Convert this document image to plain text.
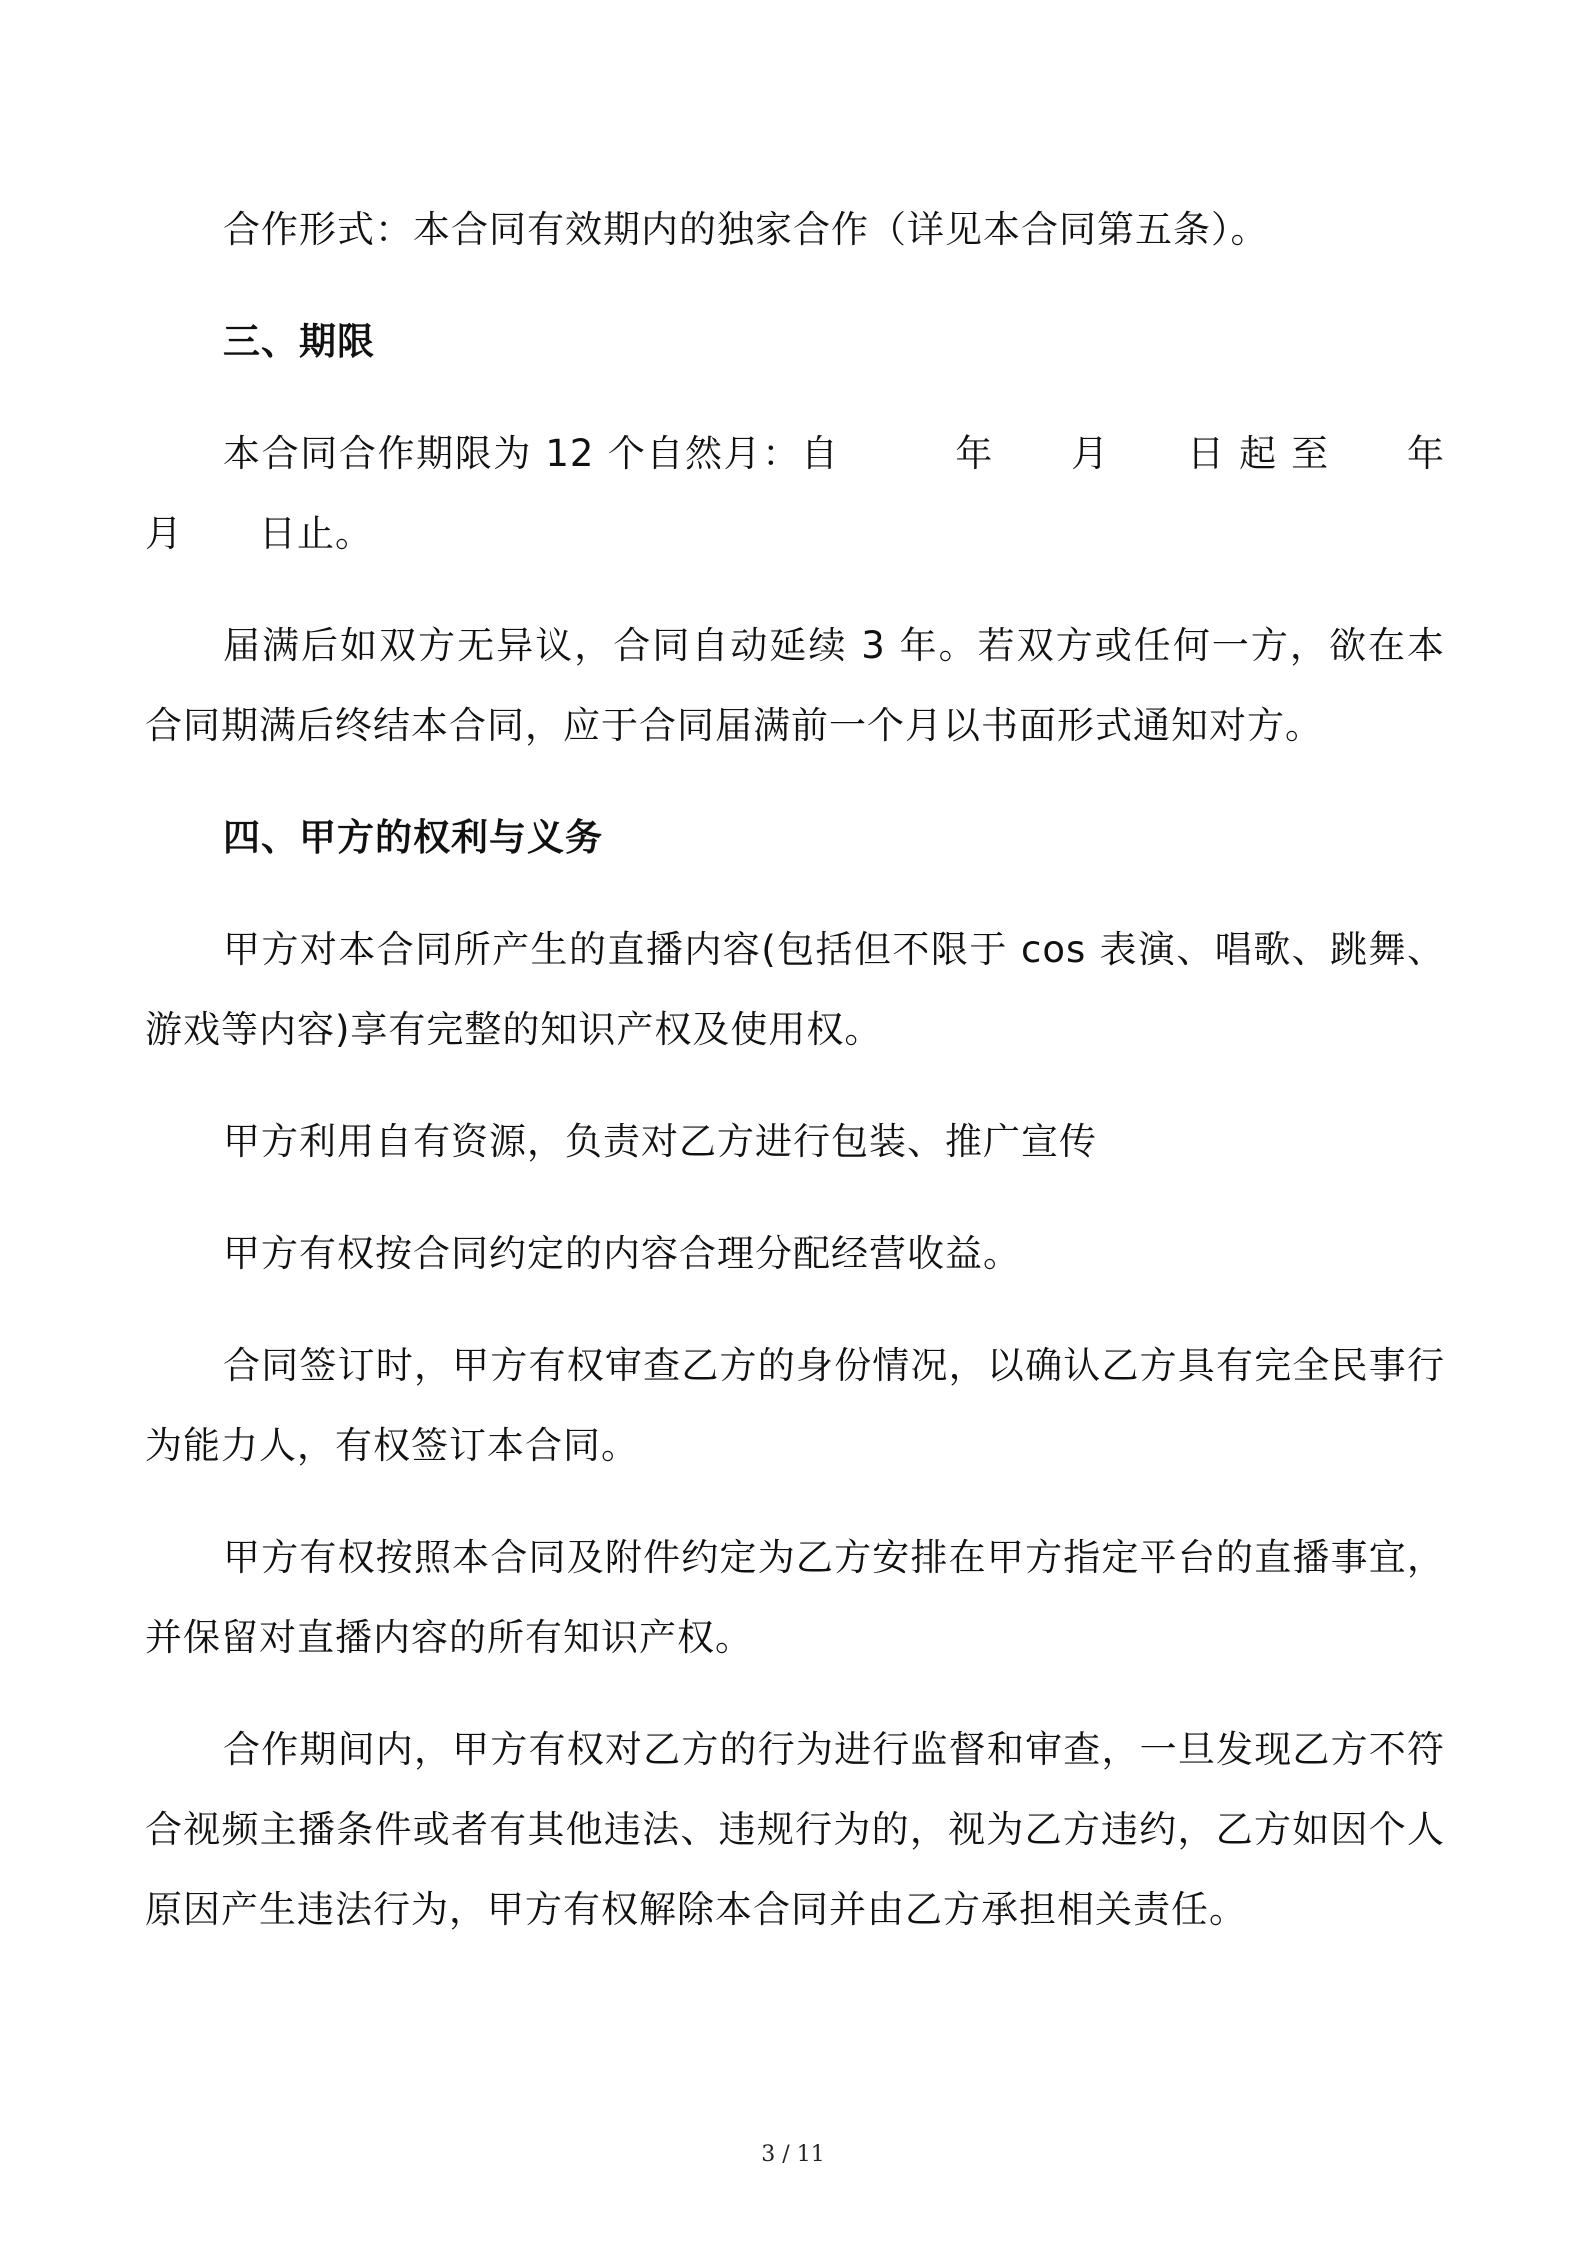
合作形式：本合同有效期内的独家合作（详见本合同第五条）。

三、期限

本合同合作期限为 12 个自然月：自　　　年　　月　　日 起 至　　年　　月　　日止。

届满后如双方无异议，合同自动延续 3 年。若双方或任何一方，欲在本合同期满后终结本合同，应于合同届满前一个月以书面形式通知对方。

四、甲方的权利与义务

甲方对本合同所产生的直播内容(包括但不限于 cos 表演、唱歌、跳舞、游戏等内容)享有完整的知识产权及使用权。

甲方利用自有资源，负责对乙方进行包装、推广宣传

甲方有权按合同约定的内容合理分配经营收益。

合同签订时，甲方有权审查乙方的身份情况，以确认乙方具有完全民事行为能力人，有权签订本合同。

甲方有权按照本合同及附件约定为乙方安排在甲方指定平台的直播事宜，并保留对直播内容的所有知识产权。

合作期间内，甲方有权对乙方的行为进行监督和审查，一旦发现乙方不符合视频主播条件或者有其他违法、违规行为的，视为乙方违约，乙方如因个人原因产生违法行为，甲方有权解除本合同并由乙方承担相关责任。

3 / 11
